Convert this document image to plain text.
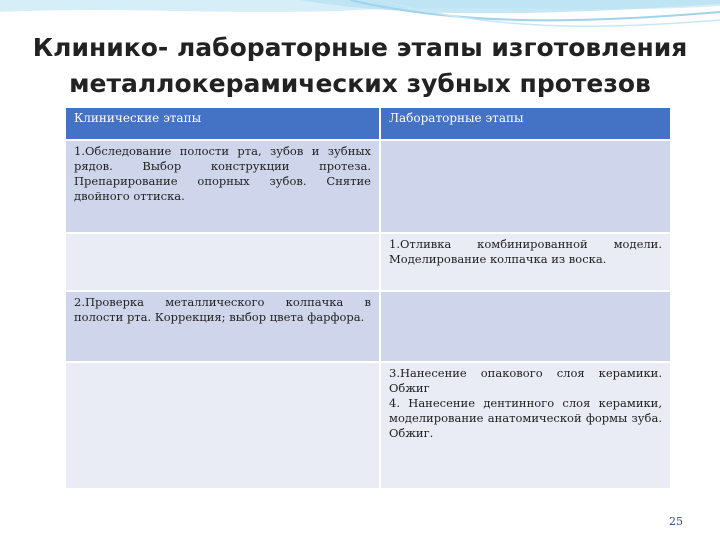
Клинико- лабораторные этапы изготовления
металлокерамических зубных протезов
Клинические этапы	Лабораторные этапы
1.Обследование полости рта, зубов и зубных рядов. Выбор конструкции протеза. Препарирование опорных зубов. Снятие двойного оттиска.	
	1.Отливка комбинированной модели. Моделирование колпачка из воска.
2.Проверка металлического колпачка в полости рта. Коррекция; выбор цвета фарфора.	

	3.Нанесение опакового слоя керамики. Обжиг
4. Нанесение дентинного слоя керамики, моделирование анатомической формы зуба. Обжиг.
25
